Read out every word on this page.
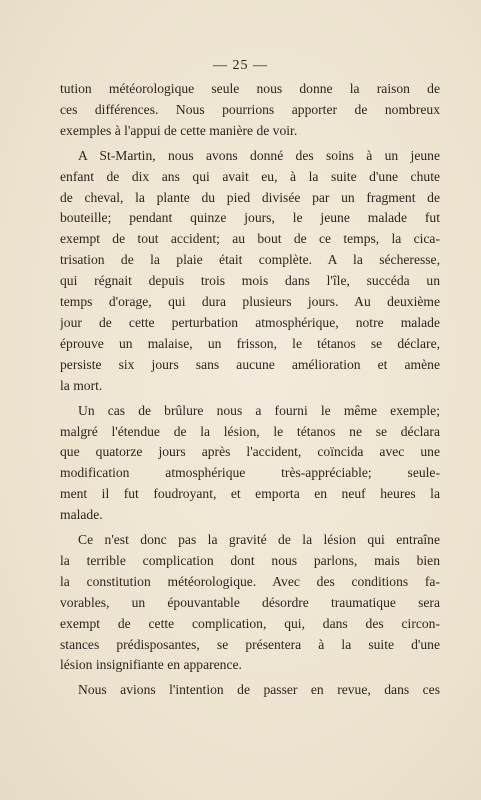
— 25 —

tution météorologique seule nous donne la raison de
ces différences. Nous pourrions apporter de nombreux
exemples à l'appui de cette manière de voir.

A St-Martin, nous avons donné des soins à un jeune
enfant de dix ans qui avait eu, à la suite d'une chute
de cheval, la plante du pied divisée par un fragment de
bouteille; pendant quinze jours, le jeune malade fut
exempt de tout accident; au bout de ce temps, la cica-
trisation de la plaie était complète. A la sécheresse,
qui régnait depuis trois mois dans l'île, succéda un
temps d'orage, qui dura plusieurs jours. Au deuxième
jour de cette perturbation atmosphérique, notre malade
éprouve un malaise, un frisson, le tétanos se déclare,
persiste six jours sans aucune amélioration et amène
la mort.

Un cas de brûlure nous a fourni le même exemple;
malgré l'étendue de la lésion, le tétanos ne se déclara
que quatorze jours après l'accident, coïncida avec une
modification atmosphérique très-appréciable; seule-
ment il fut foudroyant, et emporta en neuf heures la
malade.

Ce n'est donc pas la gravité de la lésion qui entraîne
la terrible complication dont nous parlons, mais bien
la constitution météorologique. Avec des conditions fa-
vorables, un épouvantable désordre traumatique sera
exempt de cette complication, qui, dans des circon-
stances prédisposantes, se présentera à la suite d'une
lésion insignifiante en apparence.

Nous avions l'intention de passer en revue, dans ces
